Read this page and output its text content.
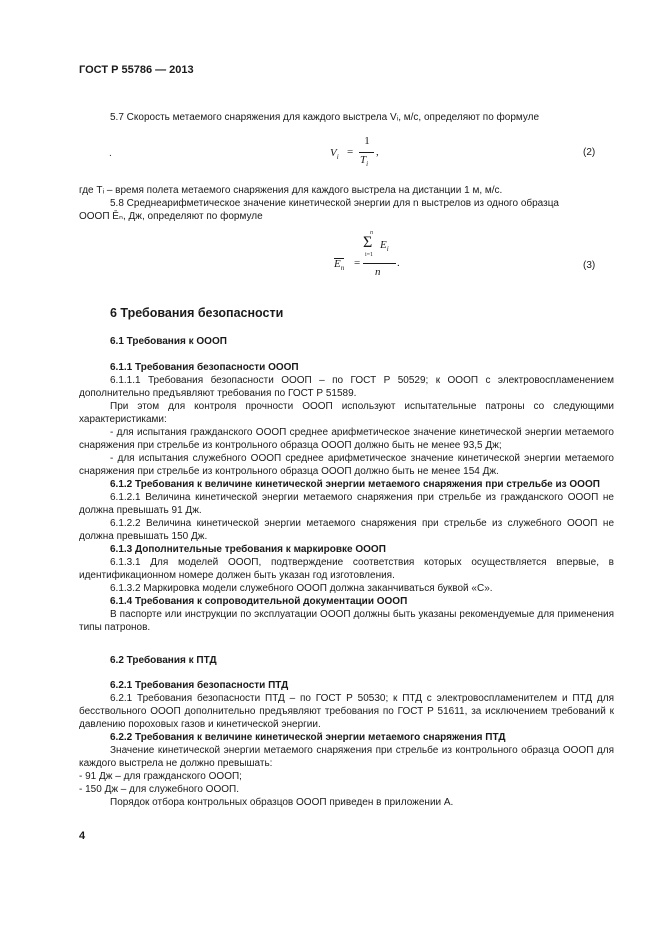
ГОСТ Р 55786 — 2013

5.7 Скорость метаемого снаряжения для каждого выстрела Vᵢ, м/с, определяют по формуле

.	$V_i$ =
1
$T_i$
,	(2)

где Tᵢ – время полета метаемого снаряжения для каждого выстрела на дистанции 1 м, м/с.

5.8 Среднеарифметическое значение кинетической энергии для n выстрелов из одного образца

ОООП Ēₙ, Дж, определяют по формуле

$E_n$ =
n
Σ
i=1
$E_i$
n
.	(3)
6 Требования безопасности
6.1 Требования к ОООП

6.1.1 Требования безопасности ОООП

6.1.1.1 Требования безопасности ОООП – по ГОСТ Р 50529; к ОООП с электровоспламенением дополнительно предъявляют требования по ГОСТ Р 51589.

При этом для контроля прочности ОООП используют испытательные патроны со следующими характеристиками:

- для испытания гражданского ОООП среднее арифметическое значение кинетической энергии метаемого снаряжения при стрельбе из контрольного образца ОООП должно быть не менее 93,5 Дж;

- для испытания служебного ОООП среднее арифметическое значение кинетической энергии метаемого снаряжения при стрельбе из контрольного образца ОООП должно быть не менее 154 Дж.

6.1.2 Требования к величине кинетической энергии метаемого снаряжения при стрельбе из ОООП

6.1.2.1 Величина кинетической энергии метаемого снаряжения при стрельбе из гражданского ОООП не должна превышать 91 Дж.

6.1.2.2 Величина кинетической энергии метаемого снаряжения при стрельбе из служебного ОООП не должна превышать 150 Дж.

6.1.3 Дополнительные требования к маркировке ОООП

6.1.3.1 Для моделей ОООП, подтверждение соответствия которых осуществляется впервые, в идентификационном номере должен быть указан год изготовления.

6.1.3.2 Маркировка модели служебного ОООП должна заканчиваться буквой «С».

6.1.4 Требования к сопроводительной документации ОООП

В паспорте или инструкции по эксплуатации ОООП должны быть указаны рекомендуемые для применения типы патронов.

6.2 Требования к ПТД

6.2.1 Требования безопасности ПТД

6.2.1 Требования безопасности ПТД – по ГОСТ Р 50530; к ПТД с электровоспламенителем и ПТД для бесствольного ОООП дополнительно предъявляют требования по ГОСТ Р 51611, за исключением требований к давлению пороховых газов и кинетической энергии.

6.2.2 Требования к величине кинетической энергии метаемого снаряжения ПТД

Значение кинетической энергии метаемого снаряжения при стрельбе из контрольного образца ОООП для каждого выстрела не должно превышать:

- 91 Дж – для гражданского ОООП;

- 150 Дж – для служебного ОООП.

Порядок отбора контрольных образцов ОООП приведен в приложении А.

4
